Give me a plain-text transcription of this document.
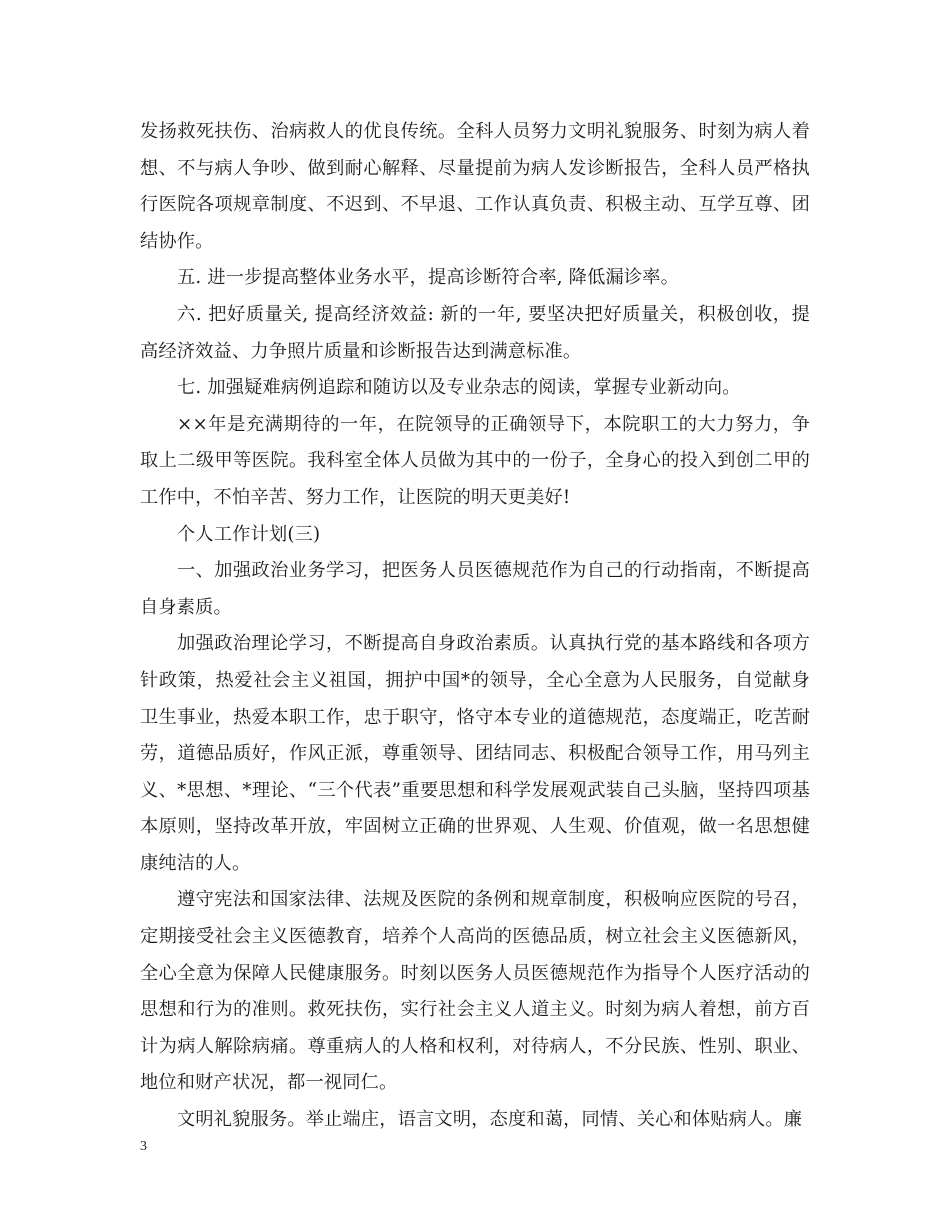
发扬救死扶伤、治病救人的优良传统。全科人员努力文明礼貌服务、时刻为病人着想、不与病人争吵、做到耐心解释、尽量提前为病人发诊断报告，全科人员严格执行医院各项规章制度、不迟到、不早退、工作认真负责、积极主动、互学互尊、团结协作。

五. 进一步提高整体业务水平，提高诊断符合率, 降低漏诊率。

六. 把好质量关, 提高经济效益: 新的一年, 要坚决把好质量关，积极创收，提高经济效益、力争照片质量和诊断报告达到满意标准。

七. 加强疑难病例追踪和随访以及专业杂志的阅读，掌握专业新动向。

××年是充满期待的一年，在院领导的正确领导下，本院职工的大力努力，争取上二级甲等医院。我科室全体人员做为其中的一份子，全身心的投入到创二甲的工作中，不怕辛苦、努力工作，让医院的明天更美好!

个人工作计划(三)

一、加强政治业务学习，把医务人员医德规范作为自己的行动指南，不断提高自身素质。

加强政治理论学习，不断提高自身政治素质。认真执行党的基本路线和各项方针政策，热爱社会主义祖国，拥护中国*的领导，全心全意为人民服务，自觉献身卫生事业，热爱本职工作，忠于职守，恪守本专业的道德规范，态度端正，吃苦耐劳，道德品质好，作风正派，尊重领导、团结同志、积极配合领导工作，用马列主义、*思想、*理论、“三个代表”重要思想和科学发展观武装自己头脑，坚持四项基本原则，坚持改革开放，牢固树立正确的世界观、人生观、价值观，做一名思想健康纯洁的人。

遵守宪法和国家法律、法规及医院的条例和规章制度，积极响应医院的号召，定期接受社会主义医德教育，培养个人高尚的医德品质，树立社会主义医德新风，全心全意为保障人民健康服务。时刻以医务人员医德规范作为指导个人医疗活动的思想和行为的准则。救死扶伤，实行社会主义人道主义。时刻为病人着想，前方百计为病人解除病痛。尊重病人的人格和权利，对待病人，不分民族、性别、职业、地位和财产状况，都一视同仁。

文明礼貌服务。举止端庄，语言文明，态度和蔼，同情、关心和体贴病人。廉

3
